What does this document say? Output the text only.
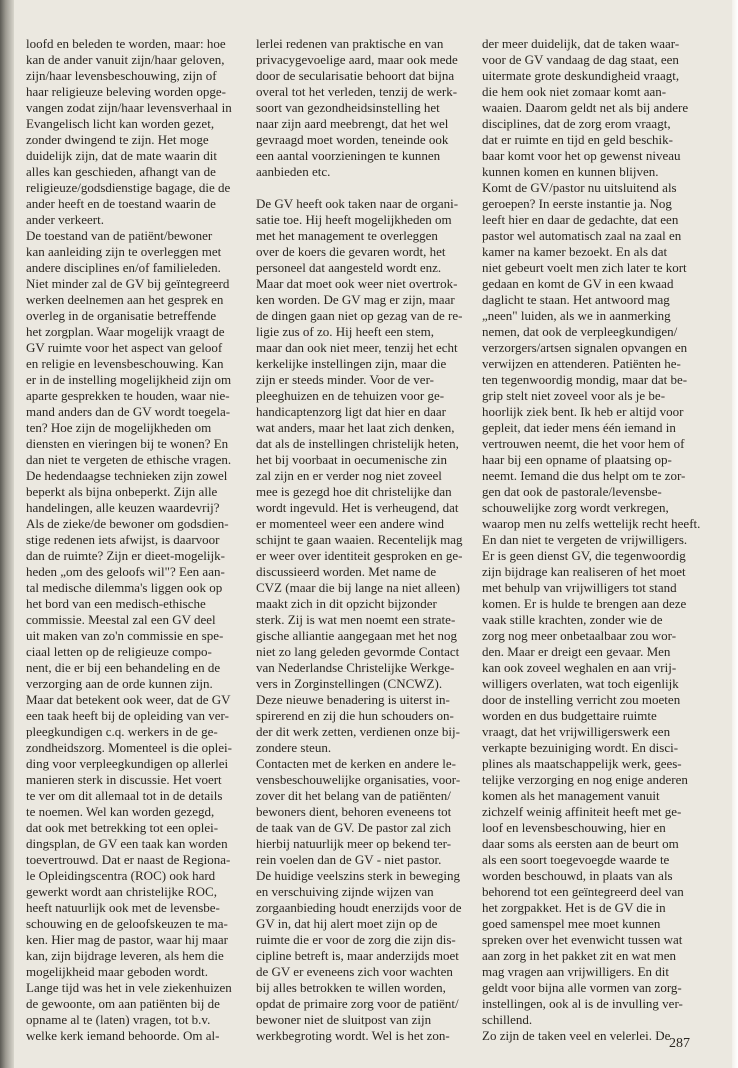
loofd en beleden te worden, maar: hoe
kan de ander vanuit zijn/haar geloven,
zijn/haar levensbeschouwing, zijn of
haar religieuze beleving worden opge-
vangen zodat zijn/haar levensverhaal in
Evangelisch licht kan worden gezet,
zonder dwingend te zijn. Het moge
duidelijk zijn, dat de mate waarin dit
alles kan geschieden, afhangt van de
religieuze/godsdienstige bagage, die de
ander heeft en de toestand waarin de
ander verkeert.
De toestand van de patiënt/bewoner
kan aanleiding zijn te overleggen met
andere disciplines en/of familieleden.
Niet minder zal de GV bij geïntegreerd
werken deelnemen aan het gesprek en
overleg in de organisatie betreffende
het zorgplan. Waar mogelijk vraagt de
GV ruimte voor het aspect van geloof
en religie en levensbeschouwing. Kan
er in de instelling mogelijkheid zijn om
aparte gesprekken te houden, waar nie-
mand anders dan de GV wordt toegela-
ten? Hoe zijn de mogelijkheden om
diensten en vieringen bij te wonen? En
dan niet te vergeten de ethische vragen.
De hedendaagse technieken zijn zowel
beperkt als bijna onbeperkt. Zijn alle
handelingen, alle keuzen waardevrij?
Als de zieke/de bewoner om godsdien-
stige redenen iets afwijst, is daarvoor
dan de ruimte? Zijn er dieet-mogelijk-
heden „om des geloofs wil"? Een aan-
tal medische dilemma's liggen ook op
het bord van een medisch-ethische
commissie. Meestal zal een GV deel
uit maken van zo'n commissie en spe-
ciaal letten op de religieuze compo-
nent, die er bij een behandeling en de
verzorging aan de orde kunnen zijn.
Maar dat betekent ook weer, dat de GV
een taak heeft bij de opleiding van ver-
pleegkundigen c.q. werkers in de ge-
zondheidszorg. Momenteel is die oplei-
ding voor verpleegkundigen op allerlei
manieren sterk in discussie. Het voert
te ver om dit allemaal tot in de details
te noemen. Wel kan worden gezegd,
dat ook met betrekking tot een oplei-
dingsplan, de GV een taak kan worden
toevertrouwd. Dat er naast de Regiona-
le Opleidingscentra (ROC) ook hard
gewerkt wordt aan christelijke ROC,
heeft natuurlijk ook met de levensbe-
schouwing en de geloofskeuzen te ma-
ken. Hier mag de pastor, waar hij maar
kan, zijn bijdrage leveren, als hem die
mogelijkheid maar geboden wordt.
Lange tijd was het in vele ziekenhuizen
de gewoonte, om aan patiënten bij de
opname al te (laten) vragen, tot b.v.
welke kerk iemand behoorde. Om al-
lerlei redenen van praktische en van
privacygevoelige aard, maar ook mede
door de secularisatie behoort dat bijna
overal tot het verleden, tenzij de werk-
soort van gezondheidsinstelling het
naar zijn aard meebrengt, dat het wel
gevraagd moet worden, teneinde ook
een aantal voorzieningen te kunnen
aanbieden etc.
De GV heeft ook taken naar de organi-
satie toe. Hij heeft mogelijkheden om
met het management te overleggen
over de koers die gevaren wordt, het
personeel dat aangesteld wordt enz.
Maar dat moet ook weer niet overtrok-
ken worden. De GV mag er zijn, maar
de dingen gaan niet op gezag van de re-
ligie zus of zo. Hij heeft een stem,
maar dan ook niet meer, tenzij het echt
kerkelijke instellingen zijn, maar die
zijn er steeds minder. Voor de ver-
pleeghuizen en de tehuizen voor ge-
handicaptenzorg ligt dat hier en daar
wat anders, maar het laat zich denken,
dat als de instellingen christelijk heten,
het bij voorbaat in oecumenische zin
zal zijn en er verder nog niet zoveel
mee is gezegd hoe dit christelijke dan
wordt ingevuld. Het is verheugend, dat
er momenteel weer een andere wind
schijnt te gaan waaien. Recentelijk mag
er weer over identiteit gesproken en ge-
discussieerd worden. Met name de
CVZ (maar die bij lange na niet alleen)
maakt zich in dit opzicht bijzonder
sterk. Zij is wat men noemt een strate-
gische alliantie aangegaan met het nog
niet zo lang geleden gevormde Contact
van Nederlandse Christelijke Werkge-
vers in Zorginstellingen (CNCWZ).
Deze nieuwe benadering is uiterst in-
spirerend en zij die hun schouders on-
der dit werk zetten, verdienen onze bij-
zondere steun.
Contacten met de kerken en andere le-
vensbeschouwelijke organisaties, voor-
zover dit het belang van de patiënten/
bewoners dient, behoren eveneens tot
de taak van de GV. De pastor zal zich
hierbij natuurlijk meer op bekend ter-
rein voelen dan de GV - niet pastor.
De huidige veelszins sterk in beweging
en verschuiving zijnde wijzen van
zorgaanbieding houdt enerzijds voor de
GV in, dat hij alert moet zijn op de
ruimte die er voor de zorg die zijn dis-
cipline betreft is, maar anderzijds moet
de GV er eveneens zich voor wachten
bij alles betrokken te willen worden,
opdat de primaire zorg voor de patiënt/
bewoner niet de sluitpost van zijn
werkbegroting wordt. Wel is het zon-
der meer duidelijk, dat de taken waar-
voor de GV vandaag de dag staat, een
uitermate grote deskundigheid vraagt,
die hem ook niet zomaar komt aan-
waaien. Daarom geldt net als bij andere
disciplines, dat de zorg erom vraagt,
dat er ruimte en tijd en geld beschik-
baar komt voor het op gewenst niveau
kunnen komen en kunnen blijven.
Komt de GV/pastor nu uitsluitend als
geroepen? In eerste instantie ja. Nog
leeft hier en daar de gedachte, dat een
pastor wel automatisch zaal na zaal en
kamer na kamer bezoekt. En als dat
niet gebeurt voelt men zich later te kort
gedaan en komt de GV in een kwaad
daglicht te staan. Het antwoord mag
„neen" luiden, als we in aanmerking
nemen, dat ook de verpleegkundigen/
verzorgers/artsen signalen opvangen en
verwijzen en attenderen. Patiënten he-
ten tegenwoordig mondig, maar dat be-
grip stelt niet zoveel voor als je be-
hoorlijk ziek bent. Ik heb er altijd voor
gepleit, dat ieder mens één iemand in
vertrouwen neemt, die het voor hem of
haar bij een opname of plaatsing op-
neemt. Iemand die dus helpt om te zor-
gen dat ook de pastorale/levensbe-
schouwelijke zorg wordt verkregen,
waarop men nu zelfs wettelijk recht heeft.
En dan niet te vergeten de vrijwilligers.
Er is geen dienst GV, die tegenwoordig
zijn bijdrage kan realiseren of het moet
met behulp van vrijwilligers tot stand
komen. Er is hulde te brengen aan deze
vaak stille krachten, zonder wie de
zorg nog meer onbetaalbaar zou wor-
den. Maar er dreigt een gevaar. Men
kan ook zoveel weghalen en aan vrij-
willigers overlaten, wat toch eigenlijk
door de instelling verricht zou moeten
worden en dus budgettaire ruimte
vraagt, dat het vrijwilligerswerk een
verkapte bezuiniging wordt. En disci-
plines als maatschappelijk werk, gees-
telijke verzorging en nog enige anderen
komen als het management vanuit
zichzelf weinig affiniteit heeft met ge-
loof en levensbeschouwing, hier en
daar soms als eersten aan de beurt om
als een soort toegevoegde waarde te
worden beschouwd, in plaats van als
behorend tot een geïntegreerd deel van
het zorgpakket. Het is de GV die in
goed samenspel mee moet kunnen
spreken over het evenwicht tussen wat
aan zorg in het pakket zit en wat men
mag vragen aan vrijwilligers. En dit
geldt voor bijna alle vormen van zorg-
instellingen, ook al is de invulling ver-
schillend.
Zo zijn de taken veel en velerlei. De
287
